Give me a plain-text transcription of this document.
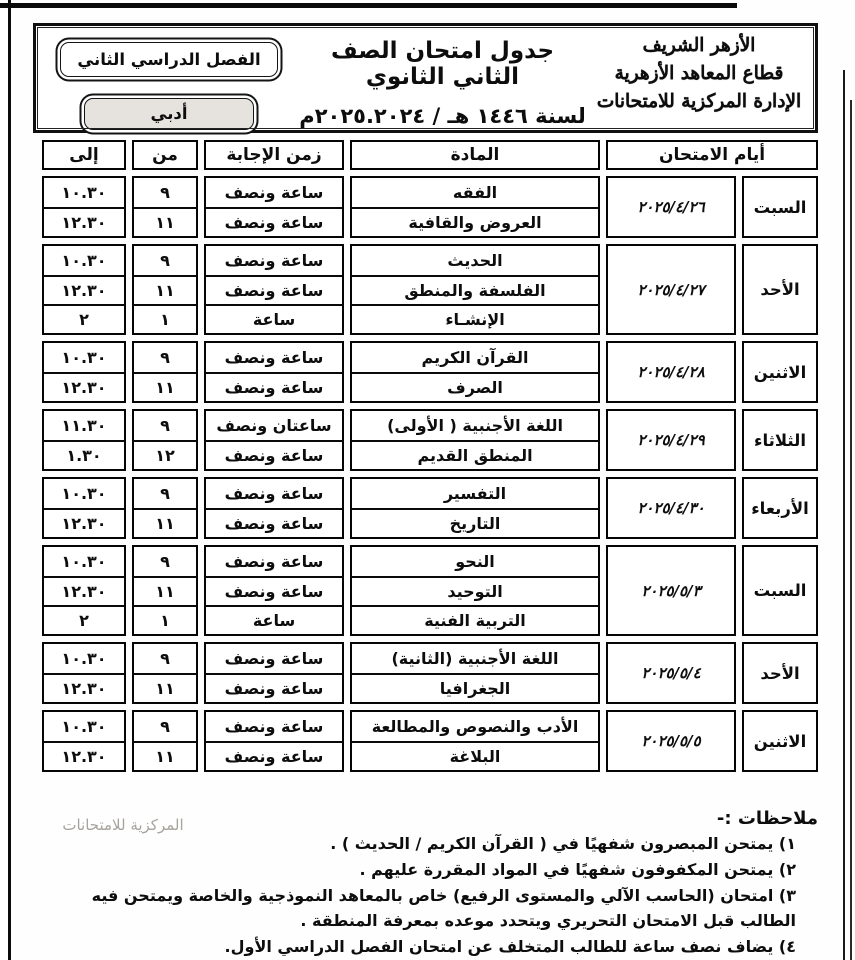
الأزهر الشريف
قطاع المعاهد الأزهرية
الإدارة المركزية للامتحانات
جدول امتحان الصف الثاني الثانوي
لسنة ١٤٤٦ هـ / ٢٠٢٥.٢٠٢٤م
الفصل الدراسي الثاني
أدبي
أيام الامتحان
المادة
زمن الإجابة
من
إلى
السبت
٢٠٢٥/٤/٢٦
الفقه
العروض والقافية
ساعة ونصف
ساعة ونصف
٩
١١
١٠.٣٠
١٢.٣٠
الأحد
٢٠٢٥/٤/٢٧
الحديث
الفلسفة والمنطق
الإنشـاء
ساعة ونصف
ساعة ونصف
ساعة
٩
١١
١
١٠.٣٠
١٢.٣٠
٢
الاثنين
٢٠٢٥/٤/٢٨
القرآن الكريم
الصرف
ساعة ونصف
ساعة ونصف
٩
١١
١٠.٣٠
١٢.٣٠
الثلاثاء
٢٠٢٥/٤/٢٩
اللغة الأجنبية ( الأولى)
المنطق القديم
ساعتان ونصف
ساعة ونصف
٩
١٢
١١.٣٠
١.٣٠
الأربعاء
٢٠٢٥/٤/٣٠
التفسير
التاريخ
ساعة ونصف
ساعة ونصف
٩
١١
١٠.٣٠
١٢.٣٠
السبت
٢٠٢٥/٥/٣
النحو
التوحيد
التربية الفنية
ساعة ونصف
ساعة ونصف
ساعة
٩
١١
١
١٠.٣٠
١٢.٣٠
٢
الأحد
٢٠٢٥/٥/٤
اللغة الأجنبية (الثانية)
الجغرافيا
ساعة ونصف
ساعة ونصف
٩
١١
١٠.٣٠
١٢.٣٠
الاثنين
٢٠٢٥/٥/٥
الأدب والنصوص والمطالعة
البلاغة
ساعة ونصف
ساعة ونصف
٩
١١
١٠.٣٠
١٢.٣٠
ملاحظات :-
١) يمتحن المبصرون شفهيًا في ( القرآن الكريم / الحديث ) .
٢) يمتحن المكفوفون شفهيًا في المواد المقررة عليهم .
٣) امتحان (الحاسب الآلي والمستوى الرفيع) خاص بالمعاهد النموذجية والخاصة ويمتحن فيه الطالب قبل الامتحان التحريري ويتحدد موعده بمعرفة المنطقة .
٤) يضاف نصف ساعة للطالب المتخلف عن امتحان الفصل الدراسي الأول.
المركزية للامتحانات
